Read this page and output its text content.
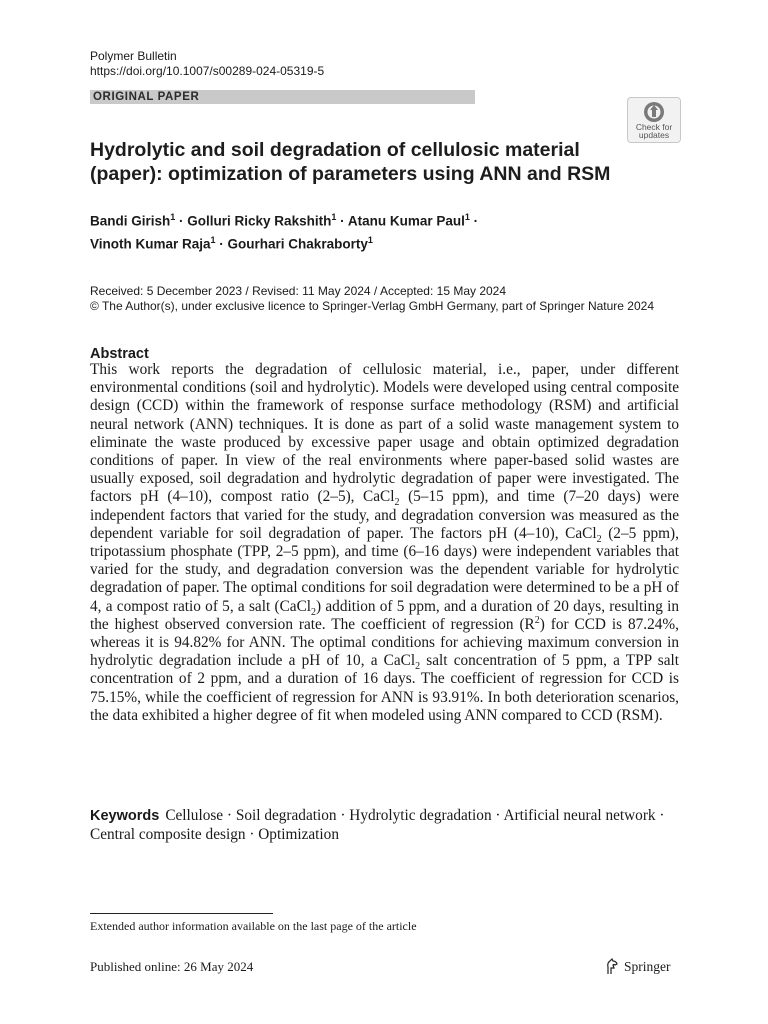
Polymer Bulletin
https://doi.org/10.1007/s00289-024-05319-5
ORIGINAL PAPER
Check for
updates
Hydrolytic and soil degradation of cellulosic material (paper): optimization of parameters using ANN and RSM
Bandi Girish$^1$ · Golluri Ricky Rakshith$^1$ · Atanu Kumar Paul$^1$ ·
Vinoth Kumar Raja$^1$ · Gourhari Chakraborty$^1$
Received: 5 December 2023 / Revised: 11 May 2024 / Accepted: 15 May 2024
© The Author(s), under exclusive licence to Springer-Verlag GmbH Germany, part of Springer Nature 2024
Abstract
This work reports the degradation of cellulosic material, i.e., paper, under different environmental conditions (soil and hydrolytic). Models were developed using central composite design (CCD) within the framework of response surface methodology (RSM) and artificial neural network (ANN) techniques. It is done as part of a solid waste management system to eliminate the waste produced by excessive paper usage and obtain optimized degradation conditions of paper. In view of the real environments where paper-based solid wastes are usually exposed, soil degradation and hydrolytic degradation of paper were investigated. The factors pH (4–10), compost ratio (2–5), CaCl$_2$ (5–15 ppm), and time (7–20 days) were independent factors that varied for the study, and degradation conversion was measured as the dependent variable for soil degradation of paper. The factors pH (4–10), CaCl$_2$ (2–5 ppm), tripotassium phosphate (TPP, 2–5 ppm), and time (6–16 days) were independent variables that varied for the study, and degradation conversion was the dependent variable for hydrolytic degradation of paper. The optimal conditions for soil degradation were determined to be a pH of 4, a compost ratio of 5, a salt (CaCl$_2$) addition of 5 ppm, and a duration of 20 days, resulting in the highest observed conversion rate. The coefficient of regression $(R^2)$ for CCD is 87.24%, whereas it is 94.82% for ANN. The optimal conditions for achieving maximum conversion in hydrolytic degradation include a pH of 10, a CaCl$_2$ salt concentration of 5 ppm, a TPP salt concentration of 2 ppm, and a duration of 16 days. The coefficient of regression for CCD is 75.15%, while the coefficient of regression for ANN is 93.91%. In both deterioration scenarios, the data exhibited a higher degree of fit when modeled using ANN compared to CCD (RSM).
Keywords Cellulose · Soil degradation · Hydrolytic degradation · Artificial neural network · Central composite design · Optimization
Extended author information available on the last page of the article
Published online: 26 May 2024	Springer
